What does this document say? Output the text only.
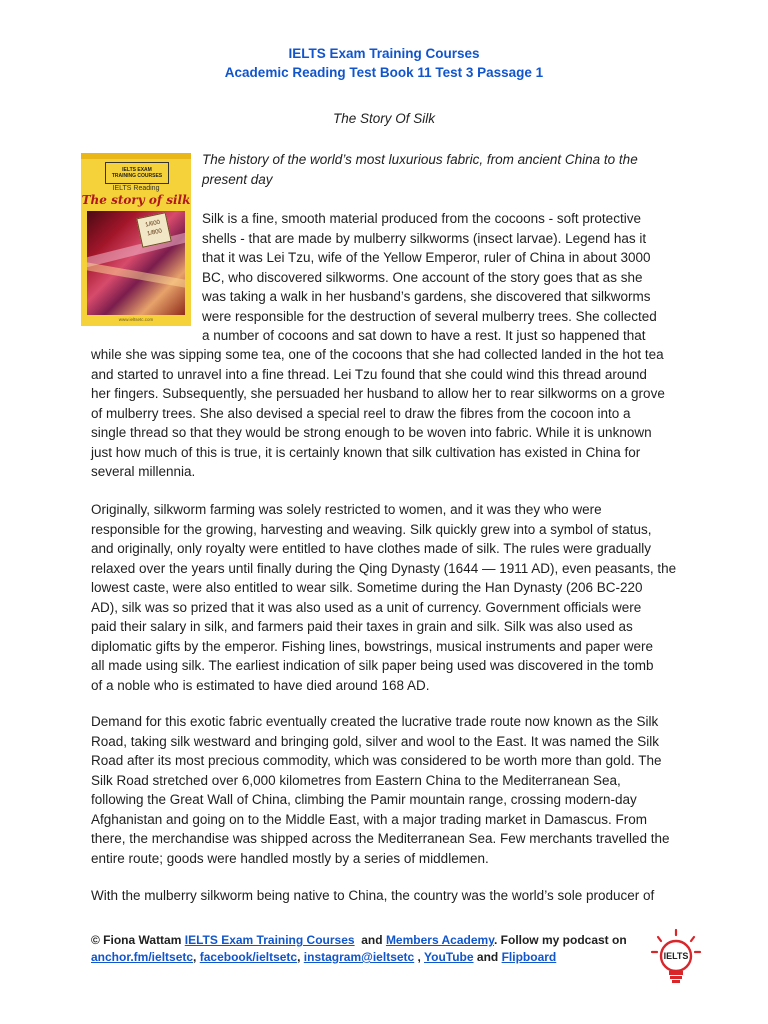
IELTS Exam Training Courses
Academic Reading Test Book 11 Test 3 Passage 1
The Story Of Silk
IELTS EXAM
TRAINING COURSES
IELTS Reading
The story of silk
1/600
1/800
www.ieltsetc.com
The history of the world’s most luxurious fabric, from ancient China to the
present day

Silk is a fine, smooth material produced from the cocoons - soft protective
shells - that are made by mulberry silkworms (insect larvae). Legend has it
that it was Lei Tzu, wife of the Yellow Emperor, ruler of China in about 3000
BC, who discovered silkworms. One account of the story goes that as she
was taking a walk in her husband’s gardens, she discovered that silkworms
were responsible for the destruction of several mulberry trees. She collected
a number of cocoons and sat down to have a rest. It just so happened that

while she was sipping some tea, one of the cocoons that she had collected landed in the hot tea
and started to unravel into a fine thread. Lei Tzu found that she could wind this thread around
her fingers. Subsequently, she persuaded her husband to allow her to rear silkworms on a grove
of mulberry trees. She also devised a special reel to draw the fibres from the cocoon into a
single thread so that they would be strong enough to be woven into fabric. While it is unknown
just how much of this is true, it is certainly known that silk cultivation has existed in China for
several millennia.

Originally, silkworm farming was solely restricted to women, and it was they who were
responsible for the growing, harvesting and weaving. Silk quickly grew into a symbol of status,
and originally, only royalty were entitled to have clothes made of silk. The rules were gradually
relaxed over the years until finally during the Qing Dynasty (1644 — 1911 AD), even peasants, the
lowest caste, were also entitled to wear silk. Sometime during the Han Dynasty (206 BC-220
AD), silk was so prized that it was also used as a unit of currency. Government officials were
paid their salary in silk, and farmers paid their taxes in grain and silk. Silk was also used as
diplomatic gifts by the emperor. Fishing lines, bowstrings, musical instruments and paper were
all made using silk. The earliest indication of silk paper being used was discovered in the tomb
of a noble who is estimated to have died around 168 AD.

Demand for this exotic fabric eventually created the lucrative trade route now known as the Silk
Road, taking silk westward and bringing gold, silver and wool to the East. It was named the Silk
Road after its most precious commodity, which was considered to be worth more than gold. The
Silk Road stretched over 6,000 kilometres from Eastern China to the Mediterranean Sea,
following the Great Wall of China, climbing the Pamir mountain range, crossing modern-day
Afghanistan and going on to the Middle East, with a major trading market in Damascus. From
there, the merchandise was shipped across the Mediterranean Sea. Few merchants travelled the
entire route; goods were handled mostly by a series of middlemen.

With the mulberry silkworm being native to China, the country was the world’s sole producer of

© Fiona Wattam IELTS Exam Training Courses and Members Academy. Follow my podcast on
anchor.fm/ieltsetc, facebook/ieltsetc, instagram@ieltsetc , YouTube and Flipboard	IELTS
